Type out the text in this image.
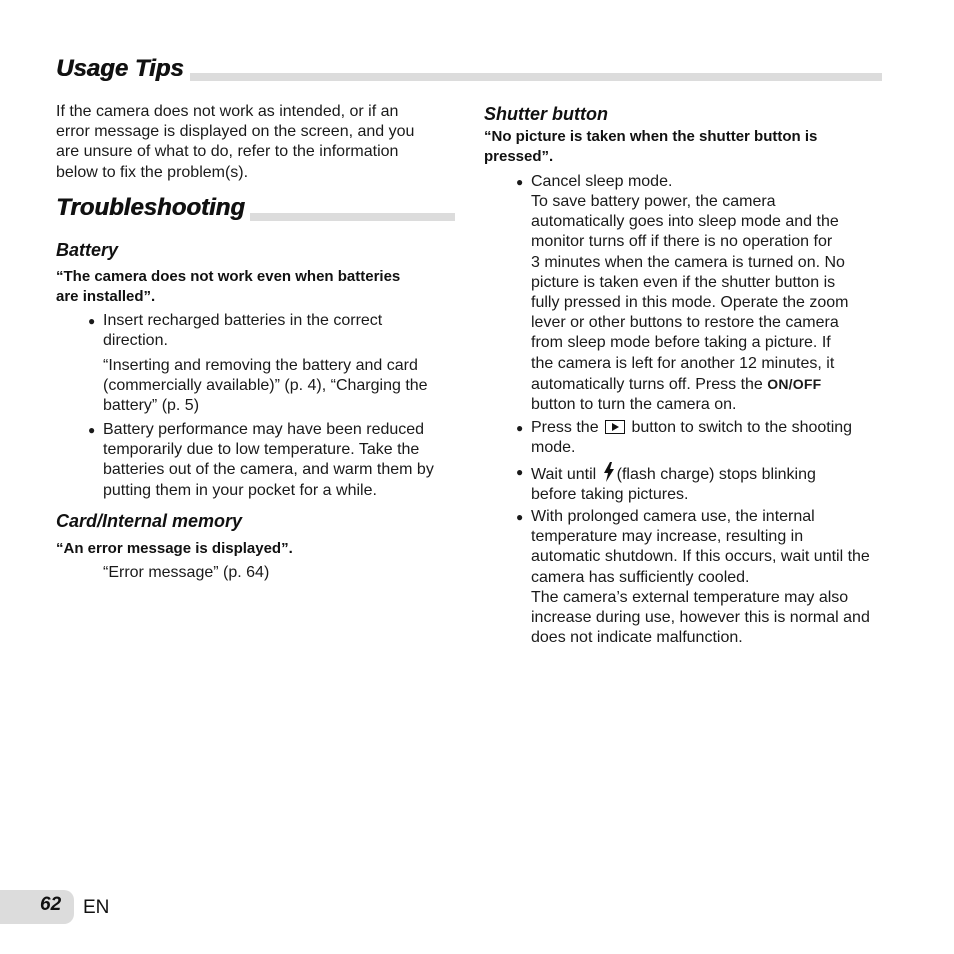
Usage Tips
If the camera does not work as intended, or if an
error message is displayed on the screen, and you
are unsure of what to do, refer to the information
below to fix the problem(s).
Troubleshooting
Battery
“The camera does not work even when batteries
are installed”.
● Insert recharged batteries in the correct
direction.
“Inserting and removing the battery and card
(commercially available)” (p. 4), “Charging the
battery” (p. 5)
● Battery performance may have been reduced
temporarily due to low temperature. Take the
batteries out of the camera, and warm them by
putting them in your pocket for a while.
Card/Internal memory
“An error message is displayed”.
“Error message” (p. 64)
Shutter button
“No picture is taken when the shutter button is
pressed”.
● Cancel sleep mode.
To save battery power, the camera
automatically goes into sleep mode and the
monitor turns off if there is no operation for
3 minutes when the camera is turned on. No
picture is taken even if the shutter button is
fully pressed in this mode. Operate the zoom
lever or other buttons to restore the camera
from sleep mode before taking a picture. If
the camera is left for another 12 minutes, it
automatically turns off. Press the ON/OFF
button to turn the camera on.
● Press the  button to switch to the shooting
mode.
● Wait until (flash charge) stops blinking
before taking pictures.
● With prolonged camera use, the internal
temperature may increase, resulting in
automatic shutdown. If this occurs, wait until the
camera has sufficiently cooled.
The camera’s external temperature may also
increase during use, however this is normal and
does not indicate malfunction.
62 EN
